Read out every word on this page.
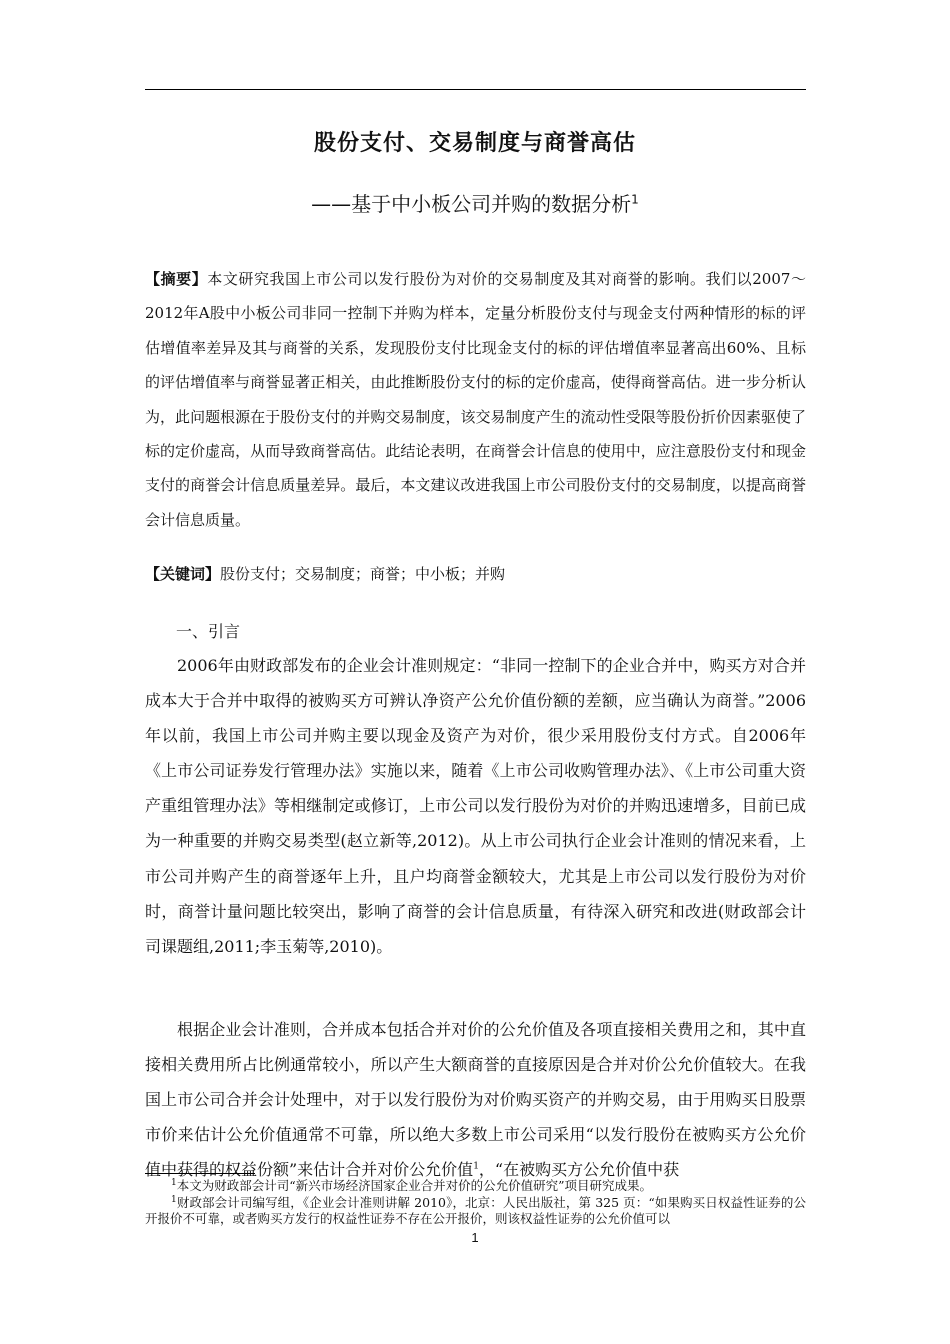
股份支付、交易制度与商誉高估
——基于中小板公司并购的数据分析$^1$
【摘要】本文研究我国上市公司以发行股份为对价的交易制度及其对商誉的影响。我们以2007～2012年A股中小板公司非同一控制下并购为样本，定量分析股份支付与现金支付两种情形的标的评估增值率差异及其与商誉的关系，发现股份支付比现金支付的标的评估增值率显著高出60%、且标的评估增值率与商誉显著正相关，由此推断股份支付的标的定价虚高，使得商誉高估。进一步分析认为，此问题根源在于股份支付的并购交易制度，该交易制度产生的流动性受限等股份折价因素驱使了标的定价虚高，从而导致商誉高估。此结论表明，在商誉会计信息的使用中，应注意股份支付和现金支付的商誉会计信息质量差异。最后，本文建议改进我国上市公司股份支付的交易制度，以提高商誉会计信息质量。
【关键词】股份支付；交易制度；商誉；中小板；并购
一、引言
2006年由财政部发布的企业会计准则规定：“非同一控制下的企业合并中，购买方对合并成本大于合并中取得的被购买方可辨认净资产公允价值份额的差额，应当确认为商誉。”2006年以前，我国上市公司并购主要以现金及资产为对价，很少采用股份支付方式。自2006年《上市公司证券发行管理办法》实施以来，随着《上市公司收购管理办法》、《上市公司重大资产重组管理办法》等相继制定或修订，上市公司以发行股份为对价的并购迅速增多，目前已成为一种重要的并购交易类型(赵立新等,2012)。从上市公司执行企业会计准则的情况来看，上市公司并购产生的商誉逐年上升，且户均商誉金额较大，尤其是上市公司以发行股份为对价时，商誉计量问题比较突出，影响了商誉的会计信息质量，有待深入研究和改进(财政部会计司课题组,2011;李玉菊等,2010)。
根据企业会计准则，合并成本包括合并对价的公允价值及各项直接相关费用之和，其中直接相关费用所占比例通常较小，所以产生大额商誉的直接原因是合并对价公允价值较大。在我国上市公司合并会计处理中，对于以发行股份为对价购买资产的并购交易，由于用购买日股票市价来估计公允价值通常不可靠，所以绝大多数上市公司采用“以发行股份在被购买方公允价值中获得的权益份额”来估计合并对价公允价值$^1$，“在被购买方公允价值中获
$^1$本文为财政部会计司“新兴市场经济国家企业合并对价的公允价值研究”项目研究成果。
$^1$财政部会计司编写组，《企业会计准则讲解 2010》，北京：人民出版社，第 325 页：“如果购买日权益性证券的公开报价不可靠，或者购买方发行的权益性证券不存在公开报价，则该权益性证券的公允价值可以
1
